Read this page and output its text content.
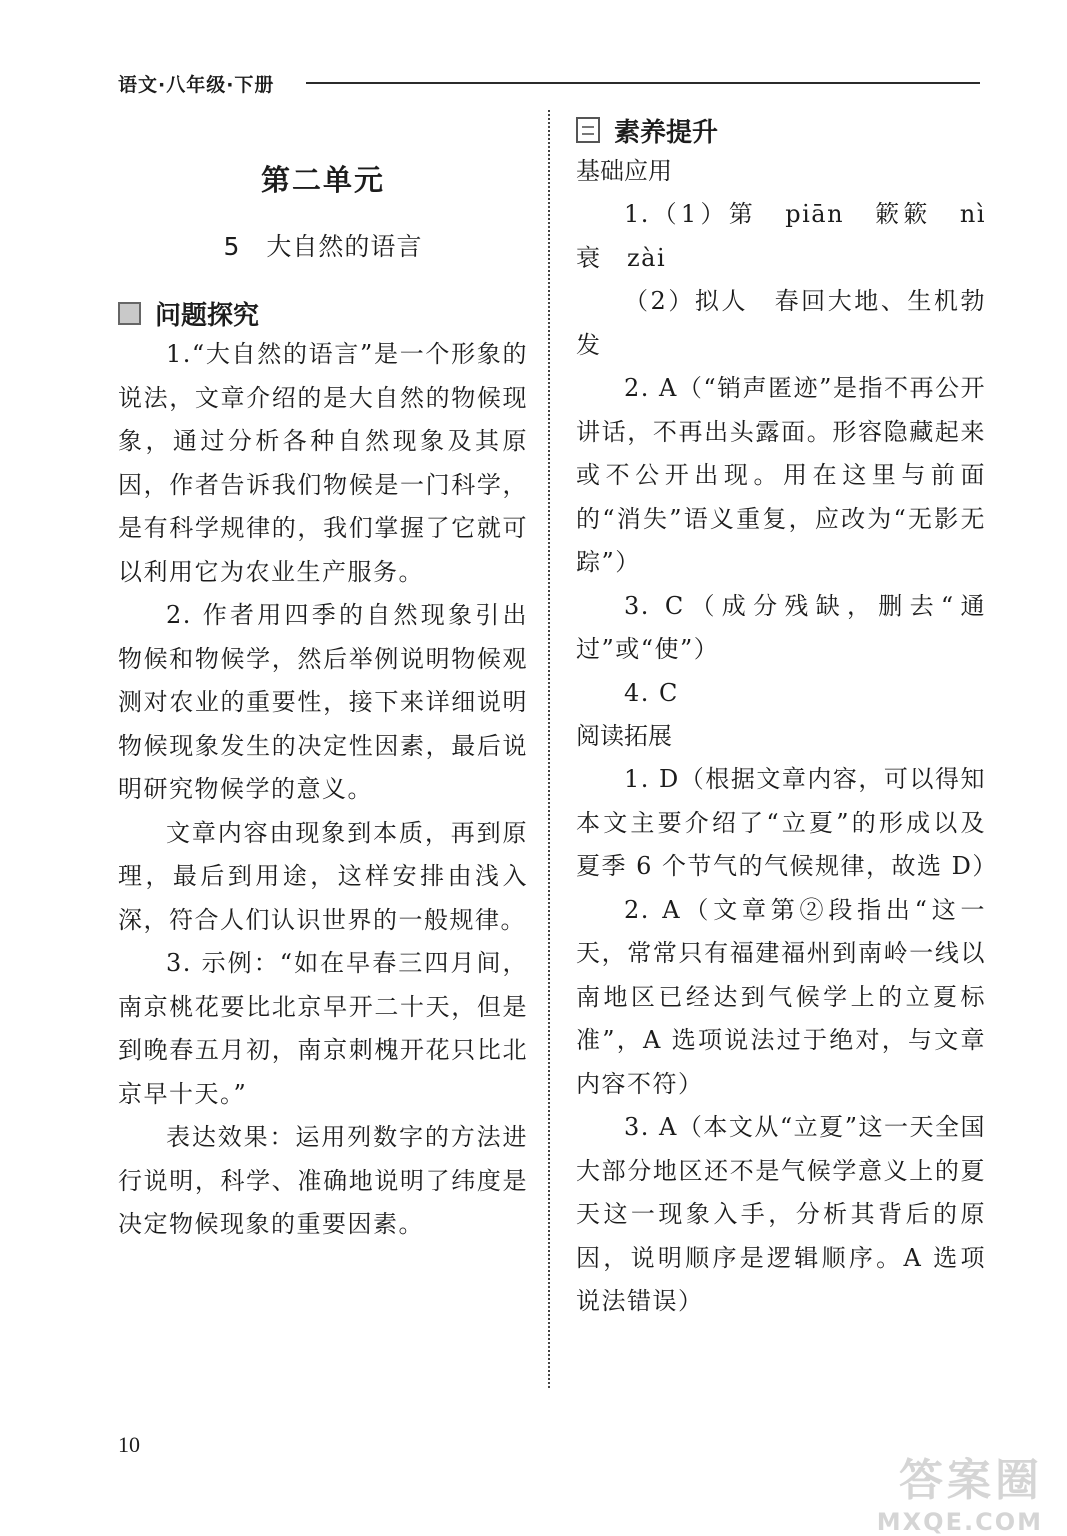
语文·八年级·下册
第二单元
5　大自然的语言
问题探究

1.“大自然的语言”是一个形象的说法，文章介绍的是大自然的物候现象，通过分析各种自然现象及其原因，作者告诉我们物候是一门科学，是有科学规律的，我们掌握了它就可以利用它为农业生产服务。

2. 作者用四季的自然现象引出物候和物候学，然后举例说明物候观测对农业的重要性，接下来详细说明物候现象发生的决定性因素，最后说明研究物候学的意义。

文章内容由现象到本质，再到原理，最后到用途，这样安排由浅入深，符合人们认识世界的一般规律。

3. 示例：“如在早春三四月间，南京桃花要比北京早开二十天，但是到晚春五月初，南京刺槐开花只比北京早十天。”

表达效果：运用列数字的方法进行说明，科学、准确地说明了纬度是决定物候现象的重要因素。

素养提升
基础应用

1.（1）第　piān　簌簌　nì　衰　zài

（2）拟人　春回大地、生机勃发

2. A（“销声匿迹”是指不再公开讲话，不再出头露面。形容隐藏起来或不公开出现。用在这里与前面的“消失”语义重复，应改为“无影无踪”）

3. C（成分残缺，删去“通过”或“使”）

4. C

阅读拓展

1. D（根据文章内容，可以得知本文主要介绍了“立夏”的形成以及夏季 6 个节气的气候规律，故选 D）

2. A（文章第②段指出“这一天，常常只有福建福州到南岭一线以南地区已经达到气候学上的立夏标准”，A 选项说法过于绝对，与文章内容不符）

3. A（本文从“立夏”这一天全国大部分地区还不是气候学意义上的夏天这一现象入手，分析其背后的原因，说明顺序是逻辑顺序。A 选项说法错误）

10
答案圈
MXQE.COM
